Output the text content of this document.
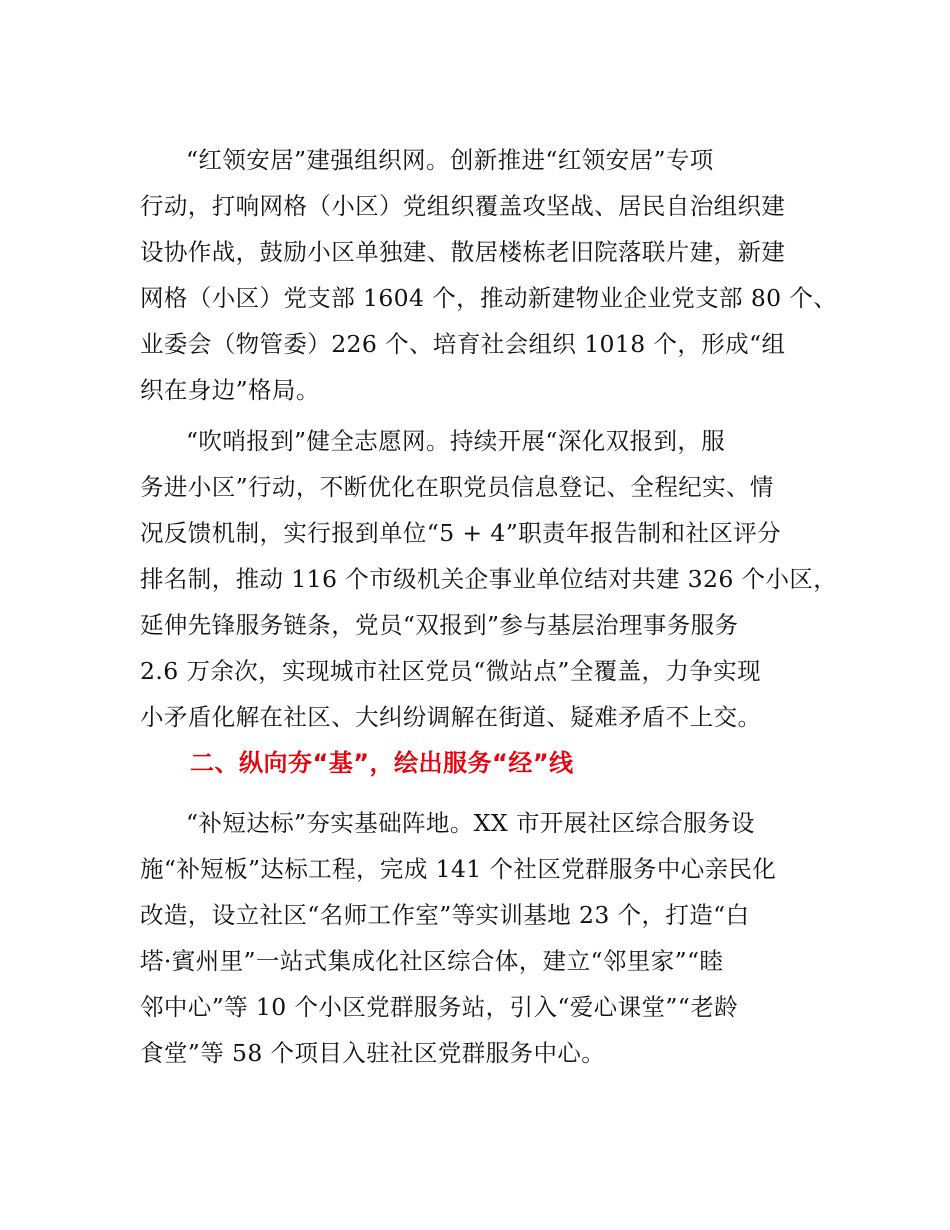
“红领安居”建强组织网。创新推进“红领安居”专项
行动，打响网格（小区）党组织覆盖攻坚战、居民自治组织建
设协作战，鼓励小区单独建、散居楼栋老旧院落联片建，新建
网格（小区）党支部 1604 个，推动新建物业企业党支部 80 个、
业委会（物管委）226 个、培育社会组织 1018 个，形成“组
织在身边”格局。
“吹哨报到”健全志愿网。持续开展“深化双报到，服
务进小区”行动，不断优化在职党员信息登记、全程纪实、情
况反馈机制，实行报到单位“5 + 4”职责年报告制和社区评分
排名制，推动 116 个市级机关企事业单位结对共建 326 个小区，
延伸先锋服务链条，党员“双报到”参与基层治理事务服务
2.6 万余次，实现城市社区党员“微站点”全覆盖，力争实现
小矛盾化解在社区、大纠纷调解在街道、疑难矛盾不上交。
二、纵向夯“基”，绘出服务“经”线
“补短达标”夯实基础阵地。XX 市开展社区综合服务设
施“补短板”达标工程，完成 141 个社区党群服务中心亲民化
改造，设立社区“名师工作室”等实训基地 23 个，打造“白
塔·賓州里”一站式集成化社区综合体，建立“邻里家”“睦
邻中心”等 10 个小区党群服务站，引入“爱心课堂”“老龄
食堂”等 58 个项目入驻社区党群服务中心。
